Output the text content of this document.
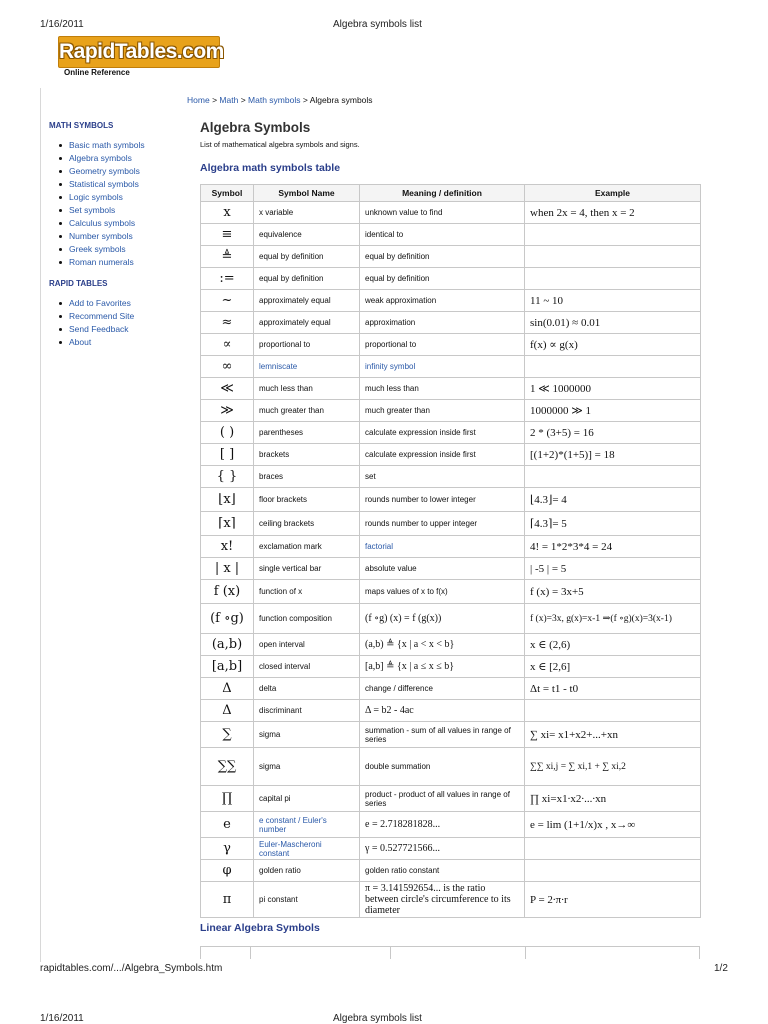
1/16/2011	Algebra symbols list
RapidTables.com
Online Reference
Home > Math > Math symbols > Algebra symbols
MATH SYMBOLS
Basic math symbols
Algebra symbols
Geometry symbols
Statistical symbols
Logic symbols
Set symbols
Calculus symbols
Number symbols
Greek symbols
Roman numerals
RAPID TABLES
Add to Favorites
Recommend Site
Send Feedback
About
Algebra Symbols
List of mathematical algebra symbols and signs.
Algebra math symbols table
Symbol	Symbol Name	Meaning / definition	Example
x	x variable	unknown value to find	when 2x = 4, then x = 2
≡	equivalence	identical to	
≜	equal by definition	equal by definition	
:=	equal by definition	equal by definition	
~	approximately equal	weak approximation	11 ~ 10
≈	approximately equal	approximation	sin(0.01) ≈ 0.01
∝	proportional to	proportional to	f(x) ∝ g(x)
∞	lemniscate	infinity symbol	
≪	much less than	much less than	1 ≪ 1000000
≫	much greater than	much greater than	1000000 ≫ 1
( )	parentheses	calculate expression inside first	2 * (3+5) = 16
[ ]	brackets	calculate expression inside first	[(1+2)*(1+5)] = 18
{ }	braces	set	
⌊x⌋	floor brackets	rounds number to lower integer	⌊4.3⌋= 4
⌈x⌉	ceiling brackets	rounds number to upper integer	⌈4.3⌉= 5
x!	exclamation mark	factorial	4! = 1*2*3*4 = 24
| x |	single vertical bar	absolute value	| -5 | = 5
f (x)	function of x	maps values of x to f(x)	f (x) = 3x+5
(f ∘g)	function composition	(f ∘g) (x) = f (g(x))	f (x)=3x, g(x)=x-1 ⇒(f ∘g)(x)=3(x-1)
(a,b)	open interval	(a,b) ≜ {x | a < x < b}	x ∈ (2,6)
[a,b]	closed interval	[a,b] ≜ {x | a ≤ x ≤ b}	x ∈ [2,6]
Δ	delta	change / difference	Δt = t1 - t0
Δ	discriminant	Δ = b2 - 4ac	
∑	sigma	summation - sum of all values in range of series	∑ xi= x1+x2+...+xn
∑∑	sigma	double summation	∑∑ xi,j = ∑ xi,1 + ∑ xi,2
∏	capital pi	product - product of all values in range of series	∏ xi=x1∙x2∙...∙xn
e	e constant / Euler's number	e = 2.718281828...	e = lim (1+1/x)x , x→∞
γ	Euler-Mascheroni constant	γ = 0.527721566...	
φ	golden ratio	golden ratio constant	
π	pi constant	π = 3.141592654... is the ratio between circle's circumference to its diameter	P = 2∙π∙r
Linear Algebra Symbols
rapidtables.com/.../Algebra_Symbols.htm	1/2
1/16/2011	Algebra symbols list
